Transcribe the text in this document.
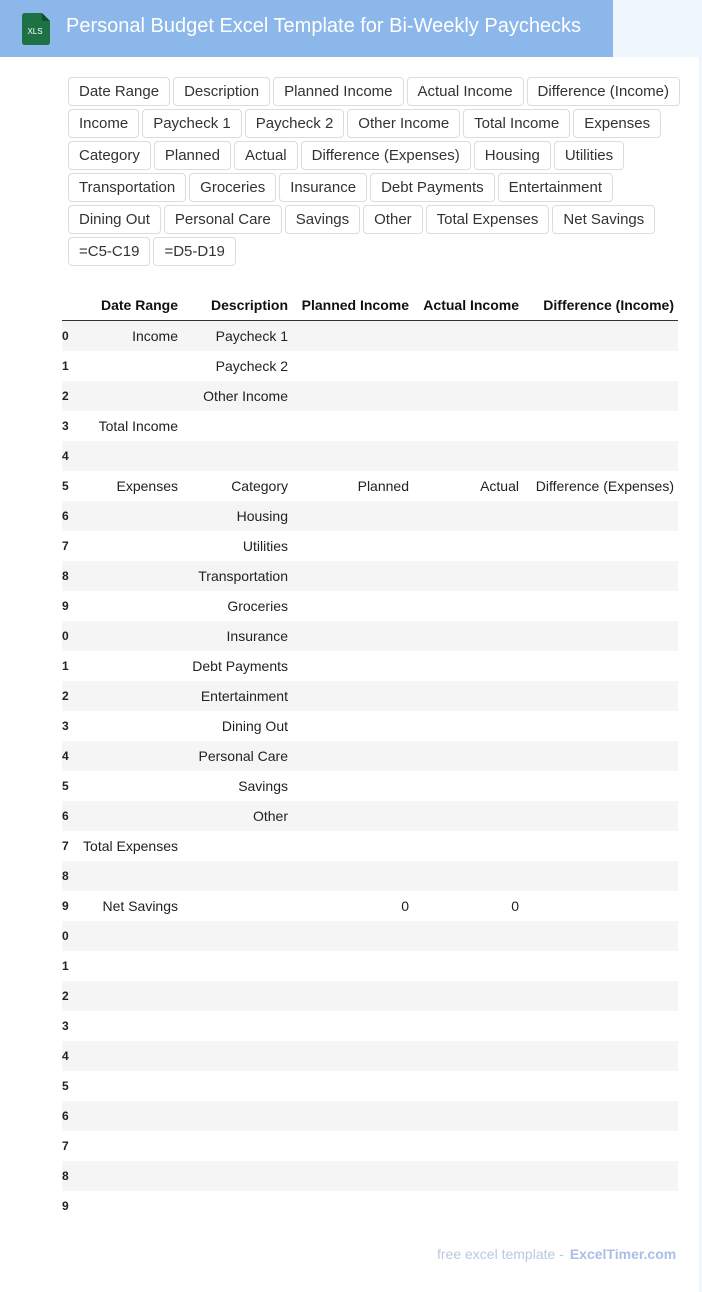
XLS Personal Budget Excel Template for Bi-Weekly Paychecks
Date Range	Description	Planned Income	Actual Income	Difference (Income)
Income	Paycheck 1	Paycheck 2	Other Income	Total Income	Expenses
Category	Planned	Actual	Difference (Expenses)	Housing	Utilities
Transportation	Groceries	Insurance	Debt Payments	Entertainment
Dining Out	Personal Care	Savings	Other	Total Expenses	Net Savings
=C5-C19	=D5-D19
	Date Range	Description	Planned Income	Actual Income	Difference (Income)
0	Income	Paycheck 1			
1		Paycheck 2			
2		Other Income			
3	Total Income				
4					
5	Expenses	Category	Planned	Actual	Difference (Expenses)
6		Housing			
7		Utilities			
8		Transportation			
9		Groceries			
0		Insurance			
1		Debt Payments			
2		Entertainment			
3		Dining Out			
4		Personal Care			
5		Savings			
6		Other			
7	Total Expenses				
8					
9	Net Savings		0	0	
0					
1					
2					
3					
4					
5					
6					
7					
8					
9					
free excel template - ExcelTimer.com
